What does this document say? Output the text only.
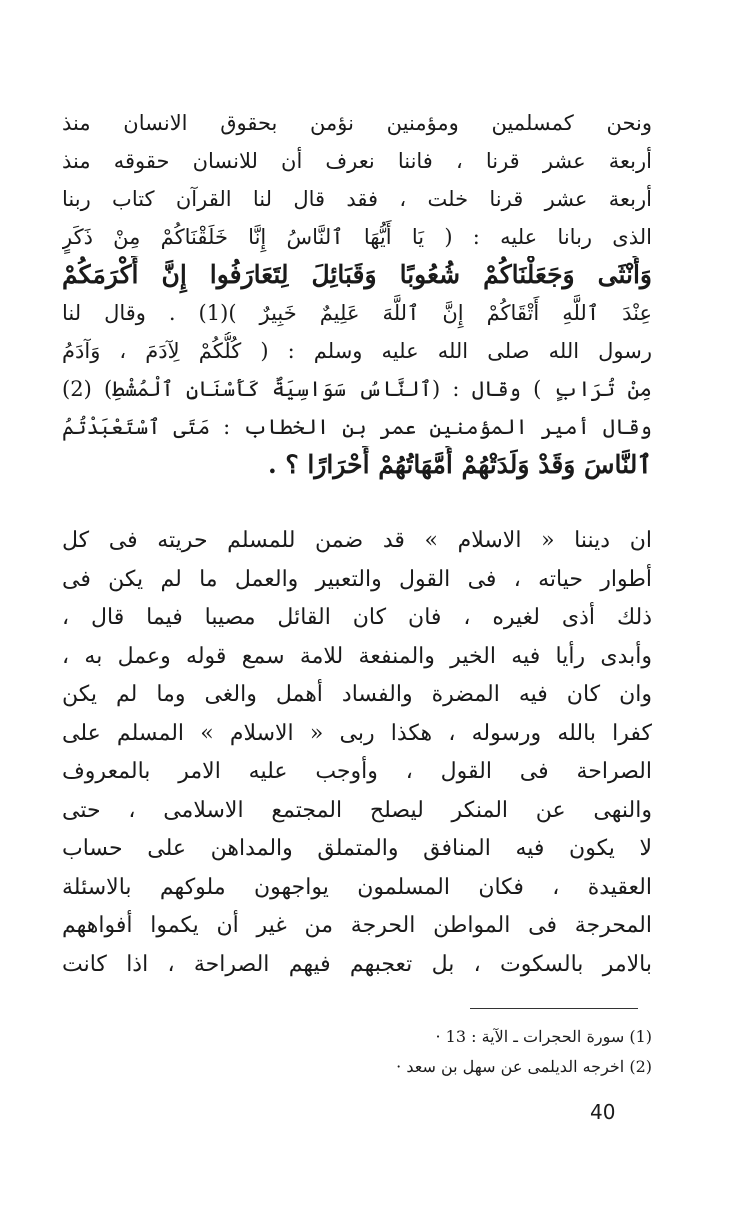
ونحن كمسلمين ومؤمنين نؤمن بحقوق الانسان منذ
أربعة عشر قرنا ، فاننا نعرف أن للانسان حقوقه منذ
أربعة عشر قرنا خلت ، فقد قال لنا القرآن كتاب ربنا
الذى ربانا عليه : ( يَا أَيُّهَا ٱلنَّاسُ إِنَّا خَلَقْنَاكُمْ مِنْ ذَكَرٍ
وَأُنْثَى وَجَعَلْنَاكُمْ شُعُوبًا وَقَبَائِلَ لِتَعَارَفُوا إِنَّ أَكْرَمَكُمْ
عِنْدَ ٱللَّهِ أَتْقَاكُمْ إِنَّ ٱللَّهَ عَلِيمٌ خَبِيرٌ )(1) . وقال لنا
رسول الله صلى الله عليه وسلم : ( كُلُّكُمْ لِآدَمَ ، وَآدَمُ
مِنْ تُرَابٍ ) وقال : (ٱلنَّاسُ سَوَاسِيَةٌ كَأَسْنَانِ ٱلْمُشْطِ) (2)
وقال أمير المؤمنين عمر بن الخطاب : مَتَى ٱسْتَعْبَدْتُمُ
ٱلنَّاسَ وَقَدْ وَلَدَتْهُمْ أُمَّهَاتُهُمْ أَحْرَارًا ؟ .
ان ديننا « الاسلام » قد ضمن للمسلم حريته فى كل
أطوار حياته ، فى القول والتعبير والعمل ما لم يكن فى
ذلك أذى لغيره ، فان كان القائل مصيبا فيما قال ،
وأبدى رأيا فيه الخير والمنفعة للامة سمع قوله وعمل به ،
وان كان فيه المضرة والفساد أهمل والغى وما لم يكن
كفرا بالله ورسوله ، هكذا ربى « الاسلام » المسلم على
الصراحة فى القول ، وأوجب عليه الامر بالمعروف
والنهى عن المنكر ليصلح المجتمع الاسلامى ، حتى
لا يكون فيه المنافق والمتملق والمداهن على حساب
العقيدة ، فكان المسلمون يواجهون ملوكهم بالاسئلة
المحرجة فى المواطن الحرجة من غير أن يكموا أفواههم
بالامر بالسكوت ، بل تعجبهم فيهم الصراحة ، اذا كانت
(1) سورة الحجرات ـ الآية : 13 ·
(2) اخرجه الديلمى عن سهل بن سعد ·
40
